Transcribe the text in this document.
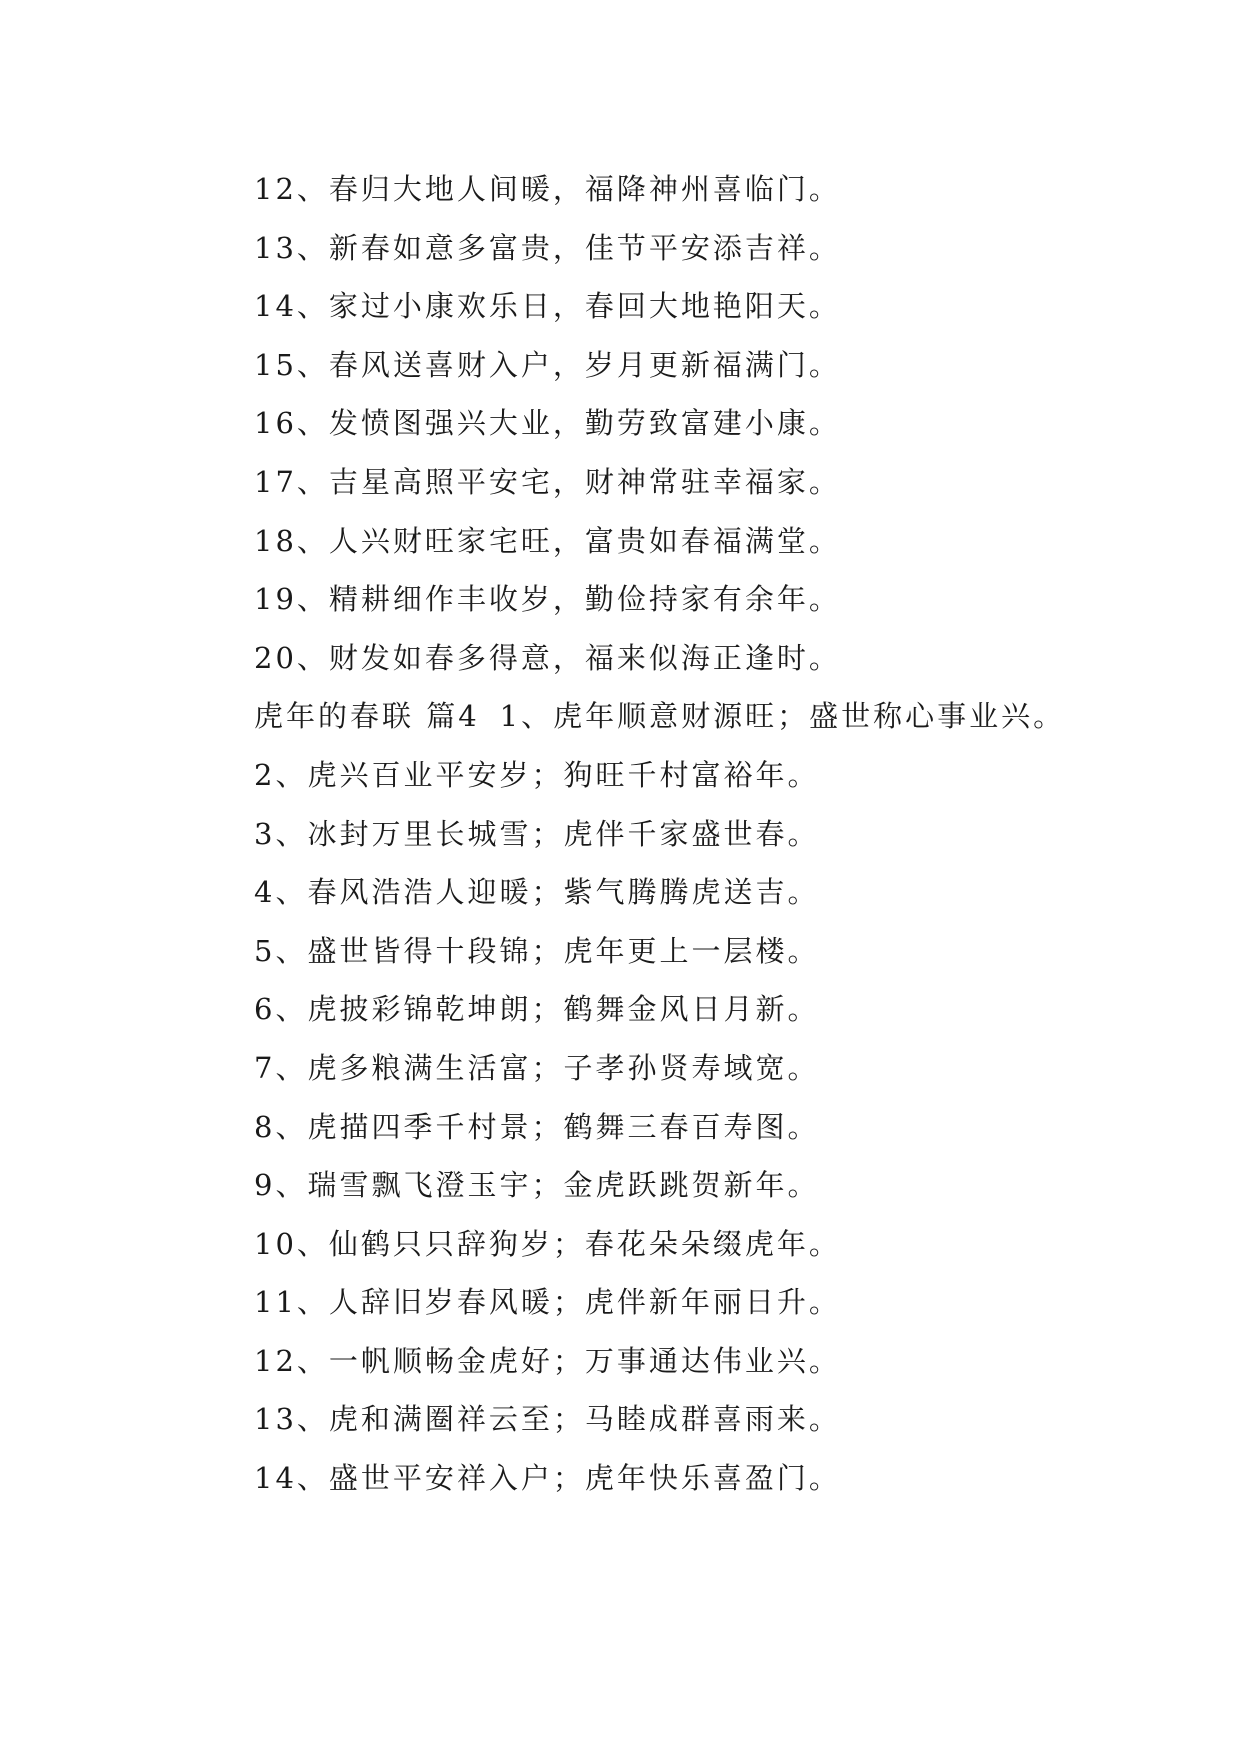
12、春归大地人间暖，福降神州喜临门。
13、新春如意多富贵，佳节平安添吉祥。
14、家过小康欢乐日，春回大地艳阳天。
15、春风送喜财入户，岁月更新福满门。
16、发愤图强兴大业，勤劳致富建小康。
17、吉星高照平安宅，财神常驻幸福家。
18、人兴财旺家宅旺，富贵如春福满堂。
19、精耕细作丰收岁，勤俭持家有余年。
20、财发如春多得意，福来似海正逢时。
虎年的春联 篇4 1、虎年顺意财源旺；盛世称心事业兴。
2、虎兴百业平安岁；狗旺千村富裕年。
3、冰封万里长城雪；虎伴千家盛世春。
4、春风浩浩人迎暖；紫气腾腾虎送吉。
5、盛世皆得十段锦；虎年更上一层楼。
6、虎披彩锦乾坤朗；鹤舞金风日月新。
7、虎多粮满生活富；子孝孙贤寿域宽。
8、虎描四季千村景；鹤舞三春百寿图。
9、瑞雪飘飞澄玉宇；金虎跃跳贺新年。
10、仙鹤只只辞狗岁；春花朵朵缀虎年。
11、人辞旧岁春风暖；虎伴新年丽日升。
12、一帆顺畅金虎好；万事通达伟业兴。
13、虎和满圈祥云至；马睦成群喜雨来。
14、盛世平安祥入户；虎年快乐喜盈门。
